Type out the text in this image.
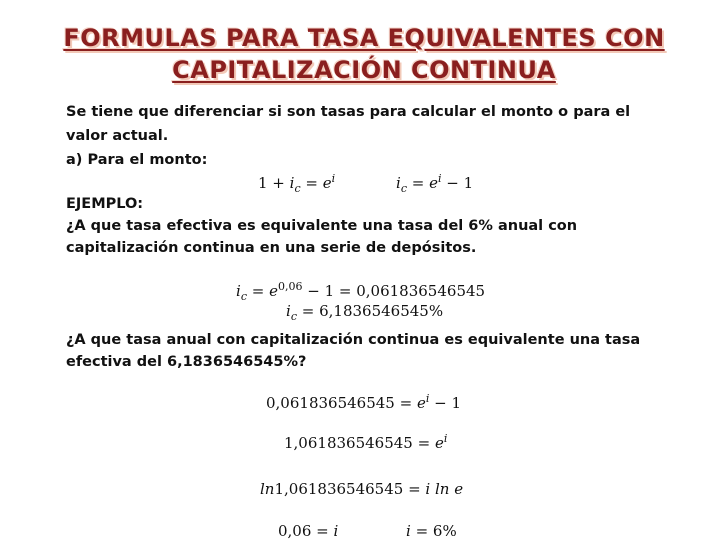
FORMULAS PARA TASA EQUIVALENTES CON
CAPITALIZACIÓN CONTINUA
Se tiene que diferenciar si son tasas para calcular el monto o para el
valor actual.
a) Para el monto:
$1 + i_c = e^i$	$i_c = e^i - 1$
EJEMPLO:
¿A que tasa efectiva es equivalente una tasa del 6% anual con
capitalización continua en una serie de depósitos.
$i_c = e^{0,06} - 1 = 0,061836546545$
$i_c = 6,1836546545\%$
¿A que tasa anual con capitalización continua es equivalente una tasa
efectiva del 6,1836546545%?
$0,061836546545 = e^i - 1$
$1,061836546545 = e^i$
ln1,061836546545 = i ln e
0,06 = i	i = 6%
